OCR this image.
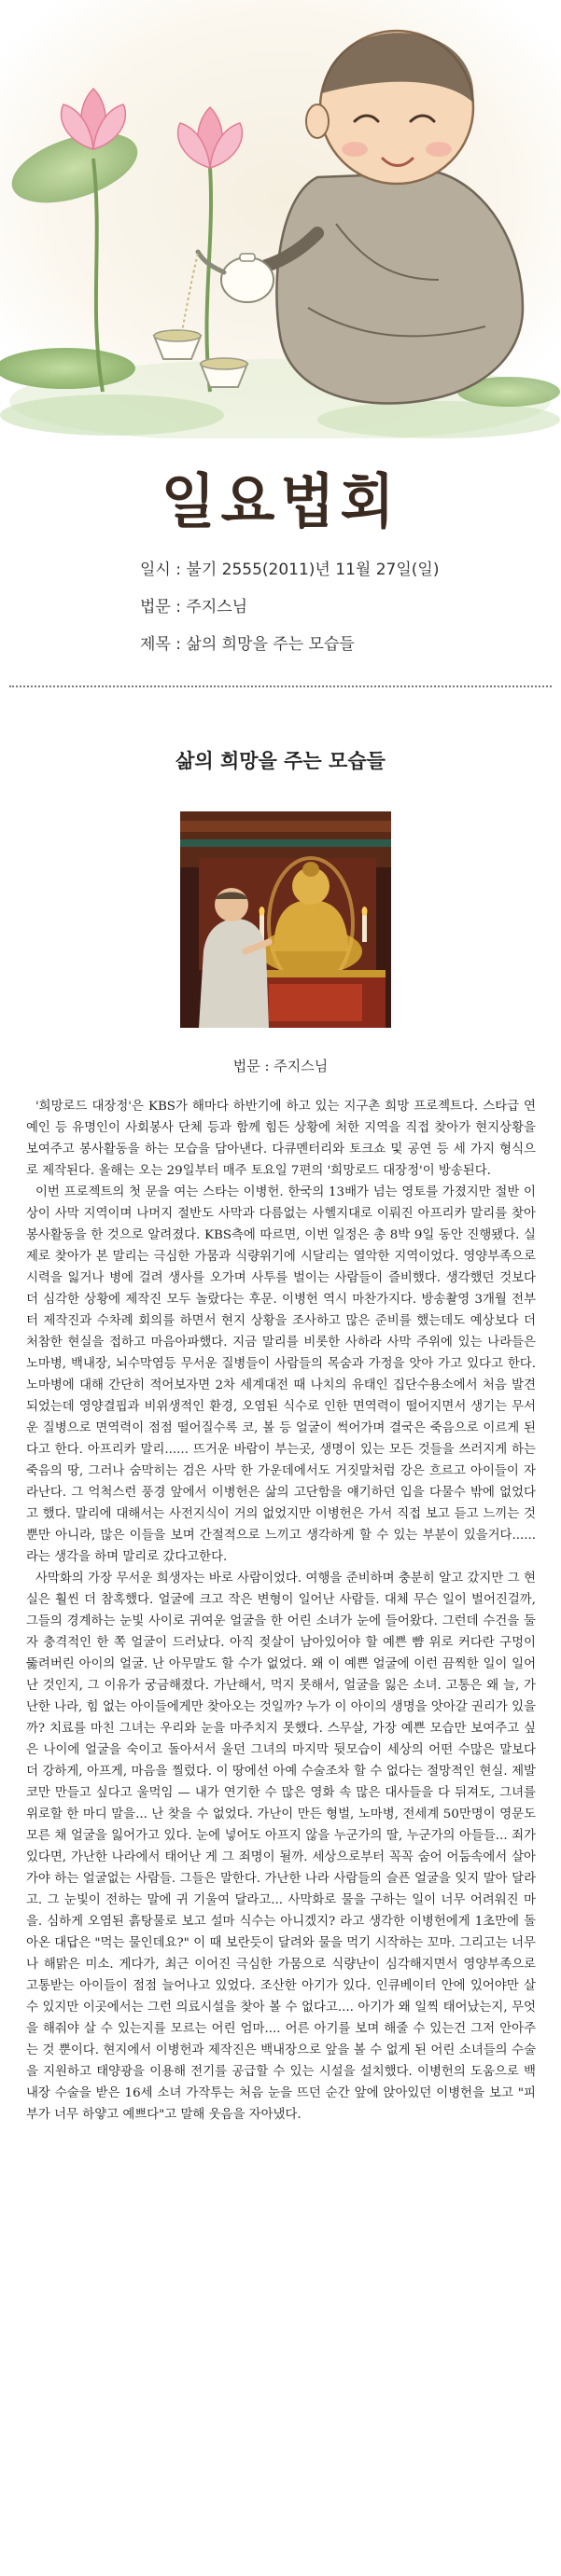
일요법회
일시 : 불기 2555(2011)년 11월 27일(일)
법문 : 주지스님
제목 : 삶의 희망을 주는 모습들
삶의 희망을 주는 모습들
법문 : 주지스님

'희망로드 대장정'은 KBS가 해마다 하반기에 하고 있는 지구촌 희망 프로젝트다. 스타급 연예인 등 유명인이 사회봉사 단체 등과 함께 힘든 상황에 처한 지역을 직접 찾아가 현지상황을 보여주고 봉사활동을 하는 모습을 담아낸다. 다큐멘터리와 토크쇼 및 공연 등 세 가지 형식으로 제작된다. 올해는 오는 29일부터 매주 토요일 7편의 '희망로드 대장정'이 방송된다.

이번 프로젝트의 첫 문을 여는 스타는 이병헌. 한국의 13배가 넘는 영토를 가졌지만 절반 이상이 사막 지역이며 나머지 절반도 사막과 다름없는 사헬지대로 이뤄진 아프리카 말리를 찾아 봉사활동을 한 것으로 알려졌다. KBS측에 따르면, 이번 일정은 총 8박 9일 동안 진행됐다. 실제로 찾아가 본 말리는 극심한 가뭄과 식량위기에 시달리는 열악한 지역이었다. 영양부족으로 시력을 잃거나 병에 걸려 생사를 오가며 사투를 벌이는 사람들이 즐비했다. 생각했던 것보다 더 심각한 상황에 제작진 모두 놀랐다는 후문. 이병헌 역시 마찬가지다. 방송촬영 3개월 전부터 제작진과 수차례 회의를 하면서 현지 상황을 조사하고 많은 준비를 했는데도 예상보다 더 처참한 현실을 접하고 마음아파했다. 지금 말리를 비롯한 사하라 사막 주위에 있는 나라들은 노마병, 백내장, 뇌수막염등 무서운 질병들이 사람들의 목숨과 가정을 앗아 가고 있다고 한다. 노마병에 대해 간단히 적어보자면 2차 세계대전 때 나치의 유태인 집단수용소에서 처음 발견되었는데 영양결핍과 비위생적인 환경, 오염된 식수로 인한 면역력이 떨어지면서 생기는 무서운 질병으로 면역력이 점점 떨어질수록 코, 볼 등 얼굴이 썩어가며 결국은 죽음으로 이르게 된다고 한다. 아프리카 말리...... 뜨거운 바람이 부는곳, 생명이 있는 모든 것들을 쓰러지게 하는 죽음의 땅, 그러나 숨막히는 검은 사막 한 가운데에서도 거짓말처럼 강은 흐르고 아이들이 자라난다. 그 억척스런 풍경 앞에서 이병헌은 삶의 고단함을 얘기하던 입을 다물수 밖에 없었다고 했다. 말리에 대해서는 사전지식이 거의 없었지만 이병헌은 가서 직접 보고 듣고 느끼는 것 뿐만 아니라, 많은 이들을 보며 간절적으로 느끼고 생각하게 할 수 있는 부분이 있을거다......라는 생각을 하며 말리로 갔다고한다.

사막화의 가장 무서운 희생자는 바로 사람이었다. 여행을 준비하며 충분히 알고 갔지만 그 현실은 훨씬 더 참혹했다. 얼굴에 크고 작은 변형이 일어난 사람들. 대체 무슨 일이 벌어진걸까, 그들의 경계하는 눈빛 사이로 귀여운 얼굴을 한 어린 소녀가 눈에 들어왔다. 그런데 수건을 둘자 충격적인 한 쪽 얼굴이 드러났다. 아직 젖살이 남아있어야 할 예쁜 뺨 위로 커다란 구멍이 뚫려버린 아이의 얼굴. 난 아무말도 할 수가 없었다. 왜 이 예쁜 얼굴에 이런 끔찍한 일이 일어난 것인지, 그 이유가 궁금해졌다. 가난해서, 먹지 못해서, 얼굴을 잃은 소녀. 고통은 왜 늘, 가난한 나라, 힘 없는 아이들에게만 찾아오는 것일까? 누가 이 아이의 생명을 앗아갈 권리가 있을까? 치료를 마친 그녀는 우리와 눈을 마주치지 못했다. 스무살, 가장 예쁜 모습만 보여주고 싶은 나이에 얼굴을 숙이고 돌아서서 울던 그녀의 마지막 뒷모습이 세상의 어떤 수많은 말보다 더 강하게, 아프게, 마음을 찔렀다. 이 땅에선 아예 수술조차 할 수 없다는 절망적인 현실. 제발 코만 만들고 싶다고 울먹임 — 내가 연기한 수 많은 영화 속 많은 대사들을 다 뒤져도, 그녀를 위로할 한 마디 말을... 난 찾을 수 없었다. 가난이 만든 형벌, 노마병, 전세계 50만명이 영문도 모른 채 얼굴을 잃어가고 있다. 눈에 넣어도 아프지 않을 누군가의 딸, 누군가의 아들들... 죄가 있다면, 가난한 나라에서 태어난 게 그 죄명이 될까. 세상으로부터 꼭꼭 숨어 어둠속에서 살아가야 하는 얼굴없는 사람들. 그들은 말한다. 가난한 나라 사람들의 슬픈 얼굴을 잊지 말아 달라고. 그 눈빛이 전하는 말에 귀 기울여 달라고... 사막화로 물을 구하는 일이 너무 어려워진 마을. 심하게 오염된 흙탕물로 보고 설마 식수는 아니겠지? 라고 생각한 이병헌에게 1초만에 돌아온 대답은 "먹는 물인데요?" 이 때 보란듯이 달려와 물을 먹기 시작하는 꼬마. 그리고는 너무나 해맑은 미소. 게다가, 최근 이어진 극심한 가뭄으로 식량난이 심각해지면서 영양부족으로 고통받는 아이들이 점점 늘어나고 있었다. 조산한 아기가 있다. 인큐베이터 안에 있어야만 살 수 있지만 이곳에서는 그런 의료시설을 찾아 볼 수 없다고.... 아기가 왜 일찍 태어났는지, 무엇을 해줘야 살 수 있는지를 모르는 어린 엄마.... 어른 아기를 보며 해줄 수 있는건 그저 안아주는 것 뿐이다. 현지에서 이병헌과 제작진은 백내장으로 앞을 볼 수 없게 된 어린 소녀들의 수술을 지원하고 태양광을 이용해 전기를 공급할 수 있는 시설을 설치했다. 이병헌의 도움으로 백내장 수술을 받은 16세 소녀 가작투는 처음 눈을 뜨던 순간 앞에 앉아있던 이병헌을 보고 "피부가 너무 하얗고 예쁘다"고 말해 웃음을 자아냈다.
